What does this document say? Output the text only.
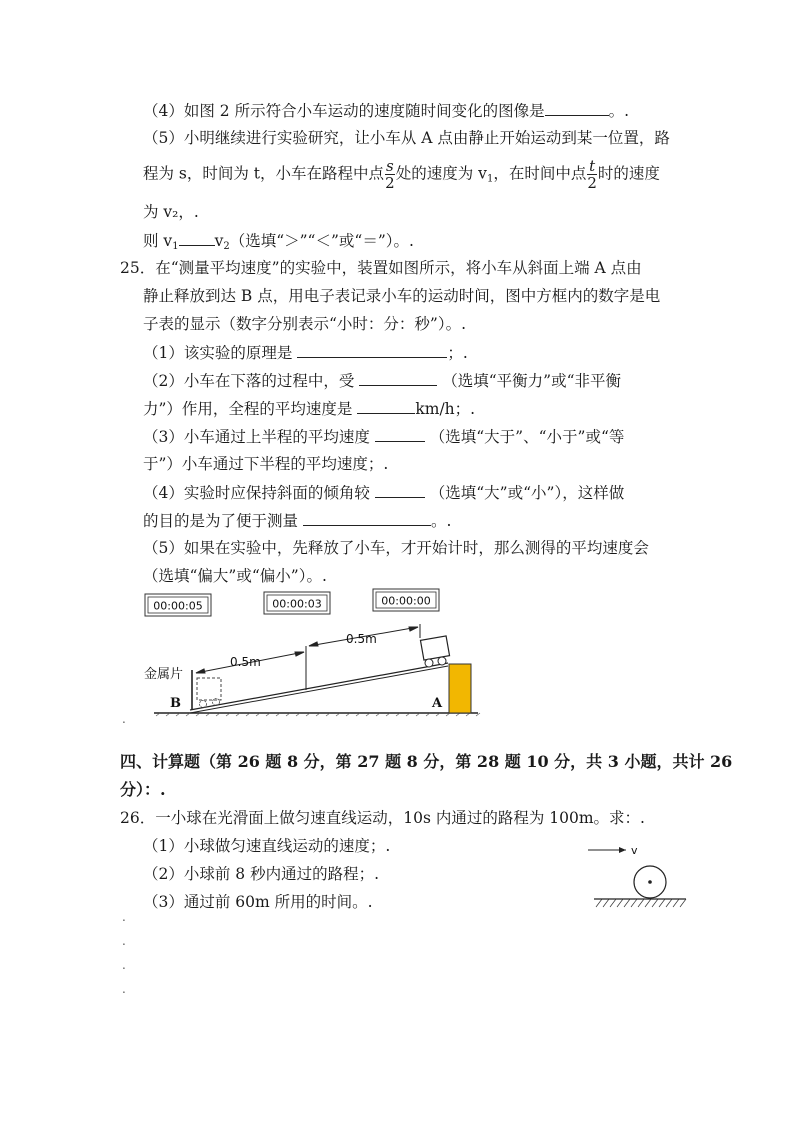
（4）如图 2 所示符合小车运动的速度随时间变化的图像是	。.
（5）小明继续进行实验研究，让小车从 A 点由静止开始运动到某一位置，路
程为 s，时间为 t，小车在路程中点 $\frac{s}{2}$ 处的速度为 $v_1$，在时间中点 $\frac{t}{2}$ 时的速度
为 v₂，.
则 $v_1$ $v_2$（选填“＞”“＜”或“＝”）。.
25．在“测量平均速度”的实验中，装置如图所示，将小车从斜面上端 A 点由
静止释放到达 B 点，用电子表记录小车的运动时间，图中方框内的数字是电
子表的显示（数字分别表示“小时：分：秒”）。.
（1）该实验的原理是	；.
（2）小车在下落的过程中，受	（选填“平衡力”或“非平衡
力”）作用，全程的平均速度是	km/h；.
（3）小车通过上半程的平均速度	（选填“大于”、“小于”或“等
于”）小车通过下半程的平均速度；.
（4）实验时应保持斜面的倾角较	（选填“大”或“小”），这样做
的目的是为了便于测量	。.
（5）如果在实验中，先释放了小车，才开始计时，那么测得的平均速度会
（选填“偏大”或“偏小”）。.
00:00:05	00:00:03	00:00:00
0.5m
0.5m
金属片
B	A
.
四、计算题（第 26 题 8 分，第 27 题 8 分，第 28 题 10 分，共 3 小题，共计 26
分）：.
26．一小球在光滑面上做匀速直线运动，10s 内通过的路程为 100m。求：.
（1）小球做匀速直线运动的速度；.
（2）小球前 8 秒内通过的路程；.
（3）通过前 60m 所用的时间。.
v
.
.
.
.
